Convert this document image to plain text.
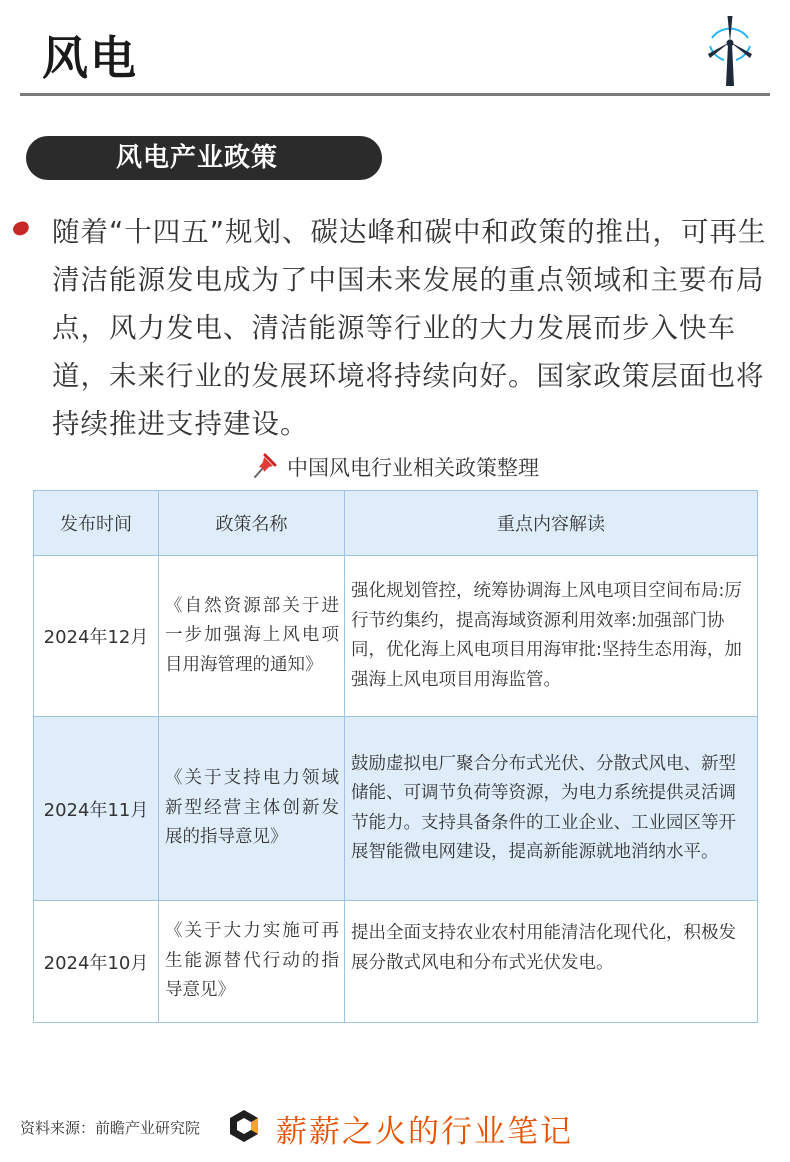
风电
风电产业政策

随着“十四五”规划、碳达峰和碳中和政策的推出，可再生清洁能源发电成为了中国未来发展的重点领域和主要布局点，风力发电、清洁能源等行业的大力发展而步入快车道，未来行业的发展环境将持续向好。国家政策层面也将持续推进支持建设。

中国风电行业相关政策整理
发布时间	政策名称	重点内容解读
2024年12月	《自然资源部关于进一步加强海上风电项目用海管理的通知》	强化规划管控，统筹协调海上风电项目空间布局:厉行节约集约，提高海域资源利用效率:加强部门协同，优化海上风电项目用海审批:坚持生态用海，加强海上风电项目用海监管。
2024年11月	《关于支持电力领域新型经营主体创新发展的指导意见》	鼓励虚拟电厂聚合分布式光伏、分散式风电、新型储能、可调节负荷等资源，为电力系统提供灵活调节能力。支持具备条件的工业企业、工业园区等开展智能微电网建设，提高新能源就地消纳水平。
2024年10月	《关于大力实施可再生能源替代行动的指导意见》	提出全面支持农业农村用能清洁化现代化，积极发展分散式风电和分布式光伏发电。
资料来源：前瞻产业研究院 薪薪之火的行业笔记
